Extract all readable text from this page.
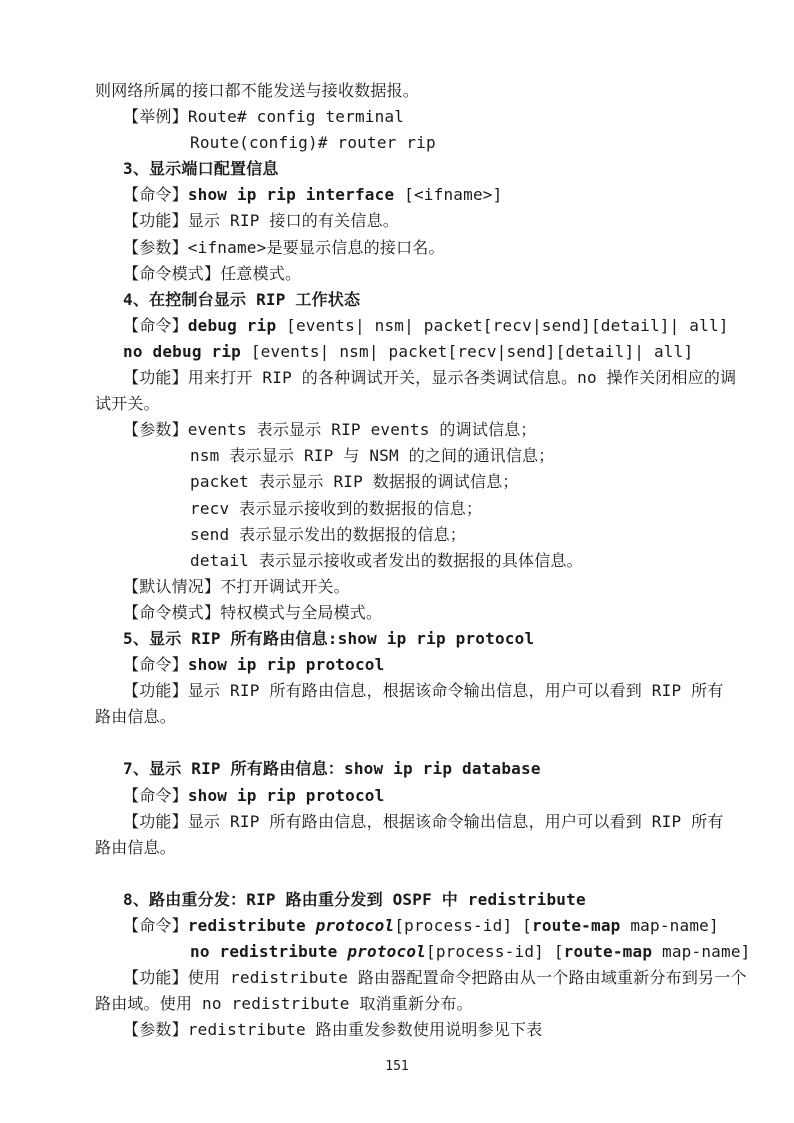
则网络所属的接口都不能发送与接收数据报。
【举例】Route# config terminal
Route(config)# router rip
3、显示端口配置信息
【命令】show ip rip interface [<ifname>]
【功能】显示 RIP 接口的有关信息。
【参数】<ifname>是要显示信息的接口名。
【命令模式】任意模式。
4、在控制台显示 RIP 工作状态
【命令】debug rip [events| nsm| packet[recv|send][detail]| all]
no debug rip [events| nsm| packet[recv|send][detail]| all]
【功能】用来打开 RIP 的各种调试开关，显示各类调试信息。no 操作关闭相应的调
试开关。
【参数】events 表示显示 RIP events 的调试信息；
nsm 表示显示 RIP 与 NSM 的之间的通讯信息；
packet 表示显示 RIP 数据报的调试信息；
recv 表示显示接收到的数据报的信息；
send 表示显示发出的数据报的信息；
detail 表示显示接收或者发出的数据报的具体信息。
【默认情况】不打开调试开关。
【命令模式】特权模式与全局模式。
5、显示 RIP 所有路由信息:show ip rip protocol
【命令】show ip rip protocol
【功能】显示 RIP 所有路由信息，根据该命令输出信息，用户可以看到 RIP 所有
路由信息。
7、显示 RIP 所有路由信息：show ip rip database
【命令】show ip rip protocol
【功能】显示 RIP 所有路由信息，根据该命令输出信息，用户可以看到 RIP 所有
路由信息。
8、路由重分发：RIP 路由重分发到 OSPF 中 redistribute
【命令】redistribute protocol[process-id] [route-map map-name]
no redistribute protocol[process-id] [route-map map-name]
【功能】使用 redistribute 路由器配置命令把路由从一个路由域重新分布到另一个
路由域。使用 no redistribute 取消重新分布。
【参数】redistribute 路由重发参数使用说明参见下表
151
